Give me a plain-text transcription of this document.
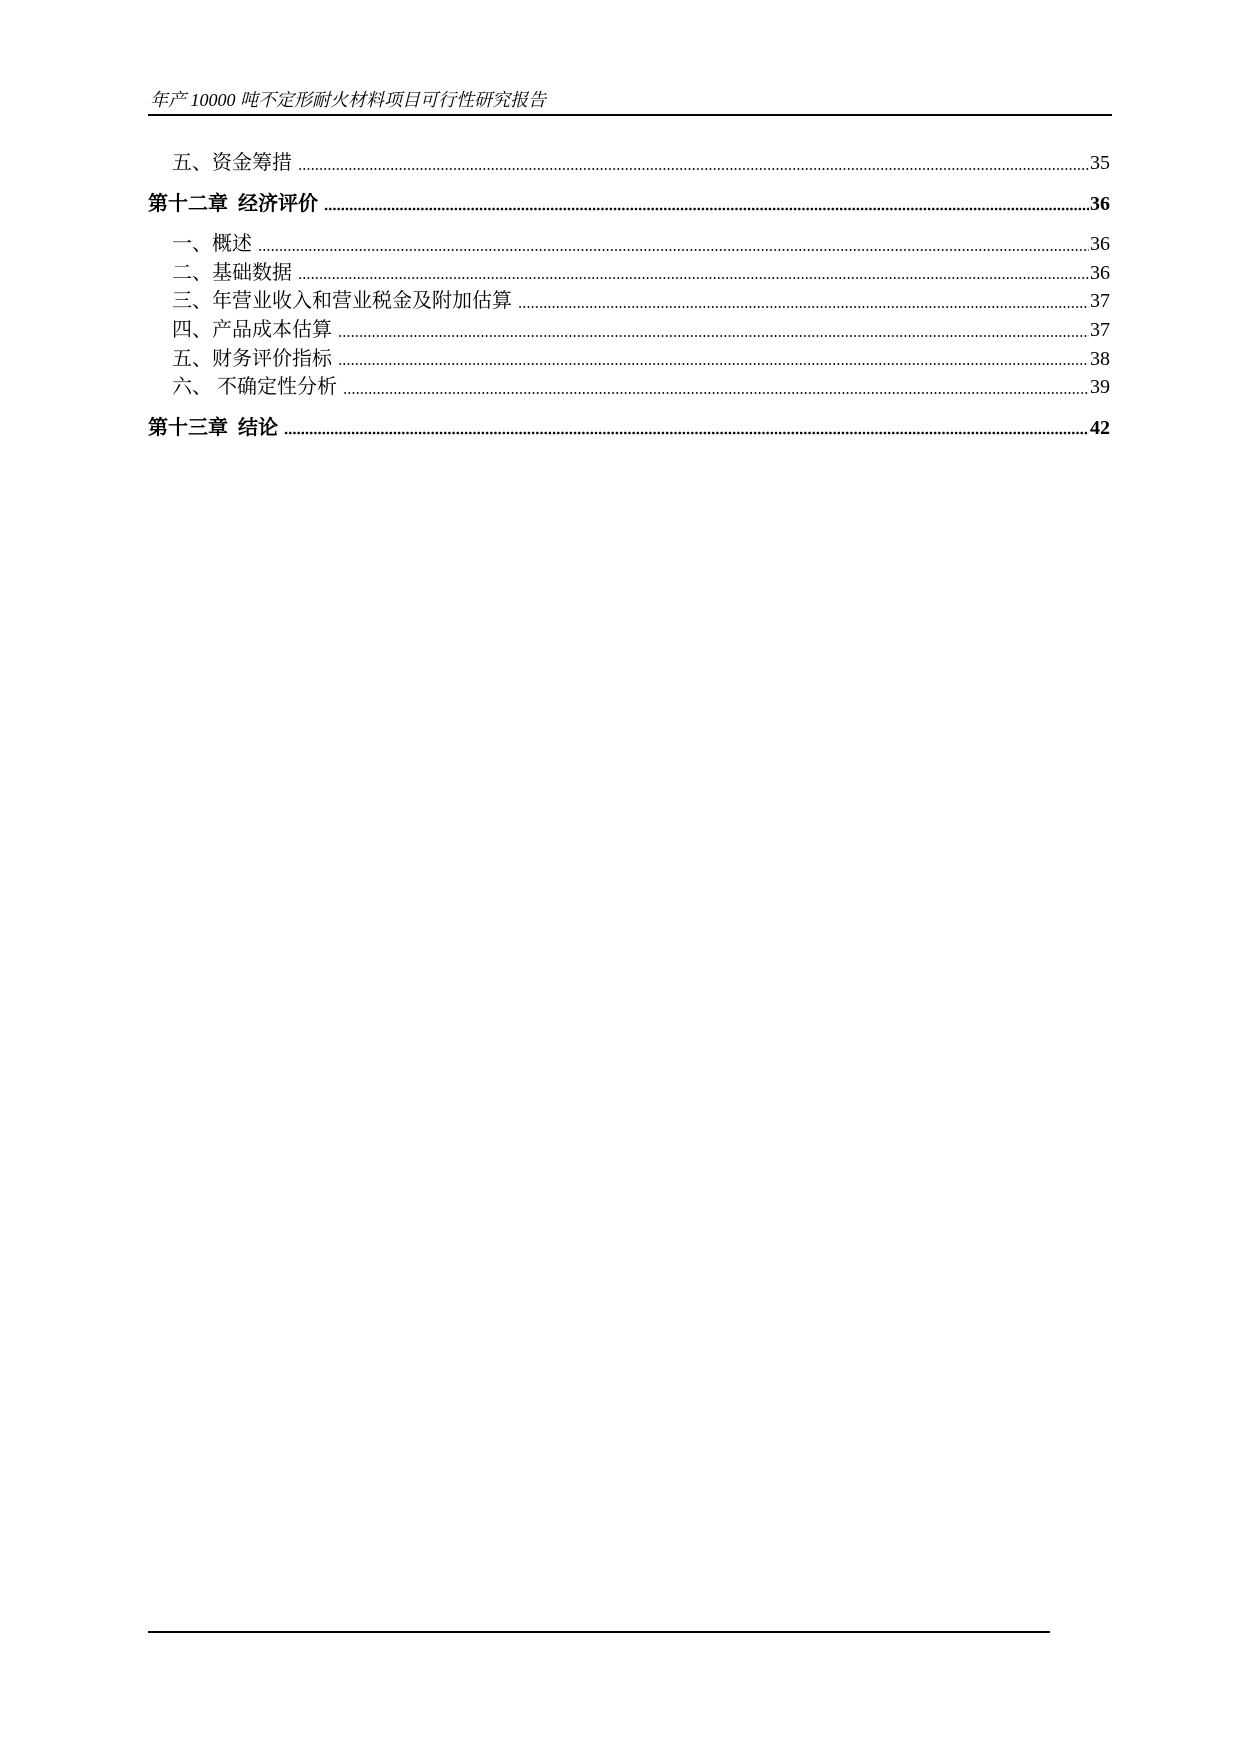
年产 10000 吨不定形耐火材料项目可行性研究报告
五、资金筹措	35
第十二章  经济评价	36
一、概述	36
二、基础数据	36
三、年营业收入和营业税金及附加估算	37
四、产品成本估算	37
五、财务评价指标	38
六、 不确定性分析	39
第十三章  结论	42
